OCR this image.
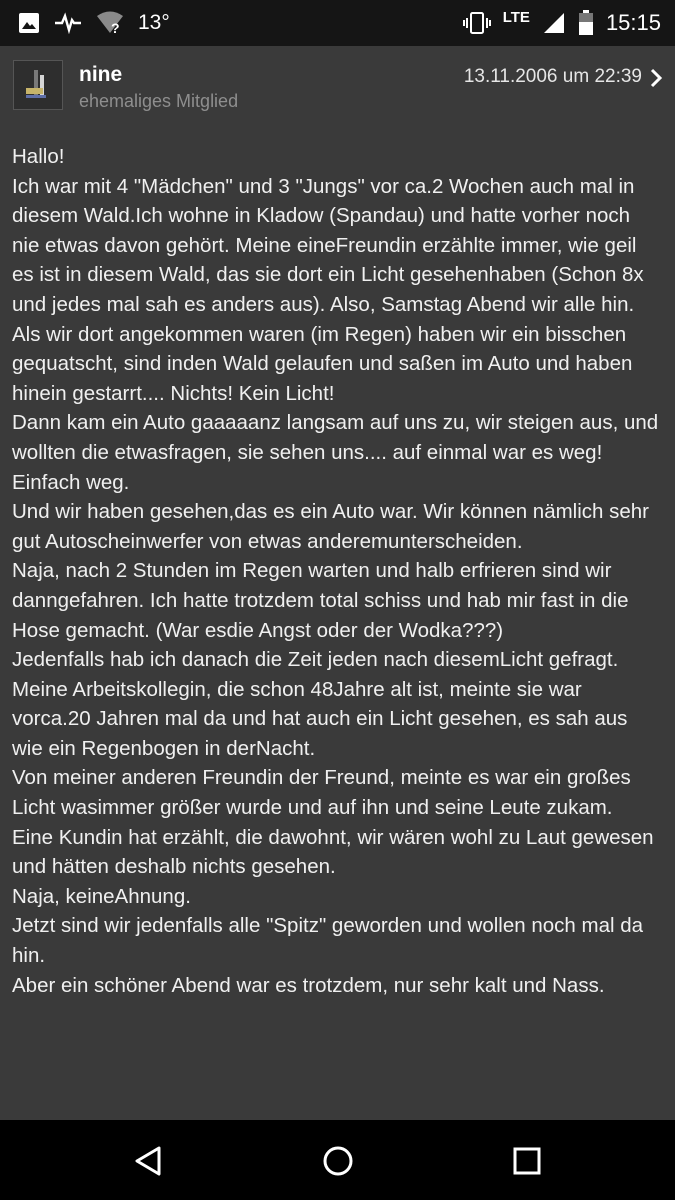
? 13°	LTE	15:15
nine
ehemaliges Mitglied
13.11.2006 um 22:39

Hallo!

Ich war mit 4 "Mädchen" und 3 "Jungs" vor ca.2 Wochen auch mal in diesem Wald.Ich wohne in Kladow (Spandau) und hatte vorher noch nie etwas davon gehört. Meine eineFreundin erzählte immer, wie geil es ist in diesem Wald, das sie dort ein Licht gesehenhaben (Schon 8x und jedes mal sah es anders aus). Also, Samstag Abend wir alle hin.

Als wir dort angekommen waren (im Regen) haben wir ein bisschen gequatscht, sind inden Wald gelaufen und saßen im Auto und haben hinein gestarrt.... Nichts! Kein Licht!

Dann kam ein Auto gaaaaanz langsam auf uns zu, wir steigen aus, und wollten die etwasfragen, sie sehen uns.... auf einmal war es weg! Einfach weg.

Und wir haben gesehen,das es ein Auto war. Wir können nämlich sehr gut Autoscheinwerfer von etwas anderemunterscheiden.

Naja, nach 2 Stunden im Regen warten und halb erfrieren sind wir danngefahren. Ich hatte trotzdem total schiss und hab mir fast in die Hose gemacht. (War esdie Angst oder der Wodka???)

Jedenfalls hab ich danach die Zeit jeden nach diesemLicht gefragt.

Meine Arbeitskollegin, die schon 48Jahre alt ist, meinte sie war vorca.20 Jahren mal da und hat auch ein Licht gesehen, es sah aus wie ein Regenbogen in derNacht.

Von meiner anderen Freundin der Freund, meinte es war ein großes Licht wasimmer größer wurde und auf ihn und seine Leute zukam.

Eine Kundin hat erzählt, die dawohnt, wir wären wohl zu Laut gewesen und hätten deshalb nichts gesehen.

Naja, keineAhnung.

Jetzt sind wir jedenfalls alle "Spitz" geworden und wollen noch mal da hin.

Aber ein schöner Abend war es trotzdem, nur sehr kalt und Nass.
